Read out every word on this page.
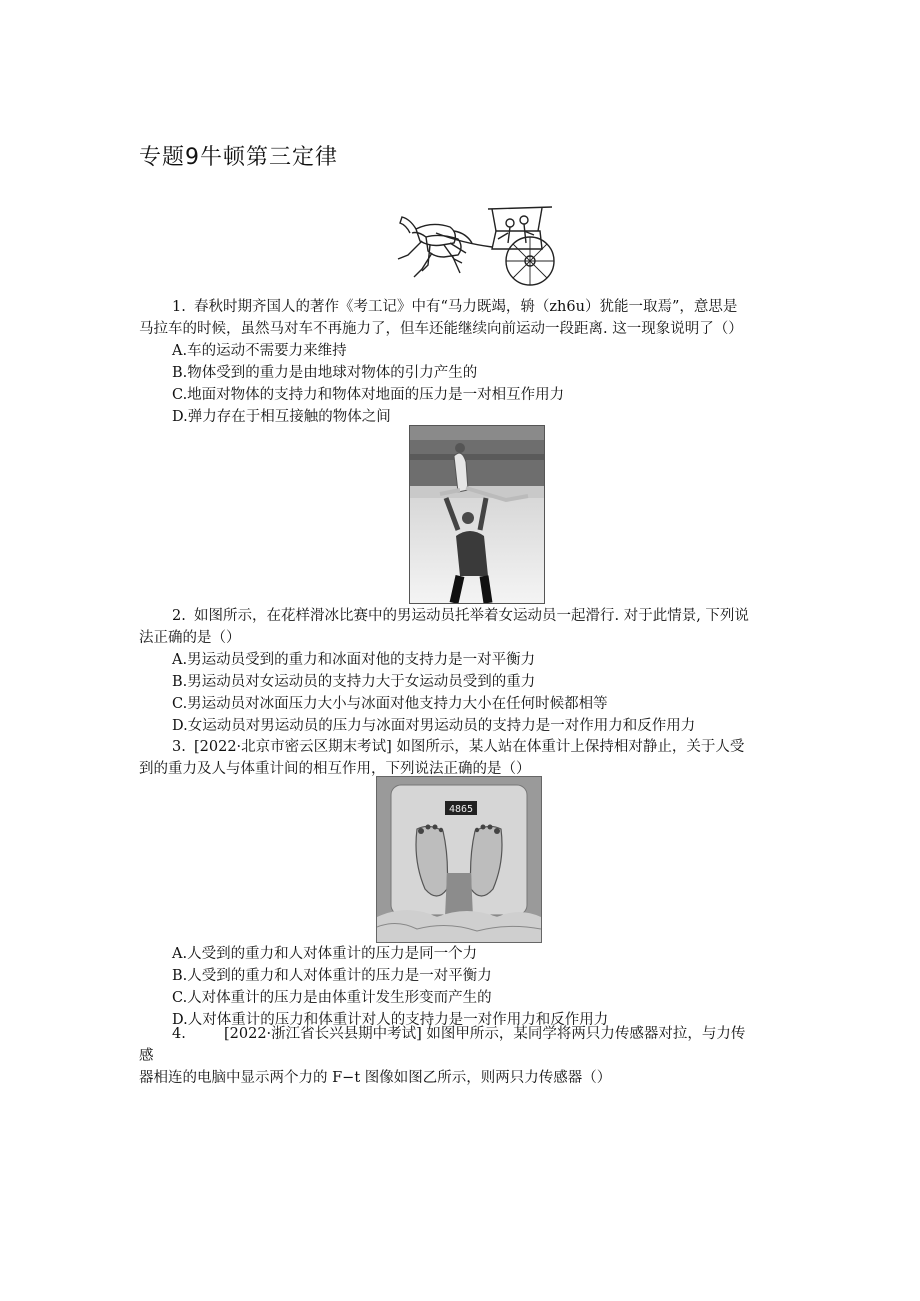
专题9牛顿第三定律
1. 春秋时期齐国人的著作《考工记》中有“马力既竭，辀（zh6u）犹能一取焉”，意思是
马拉车的时候，虽然马对车不再施力了，但车还能继续向前运动一段距离. 这一现象说明了（）
A.车的运动不需要力来维持
B.物体受到的重力是由地球对物体的引力产生的
C.地面对物体的支持力和物体对地面的压力是一对相互作用力
D.弹力存在于相互接触的物体之间
2. 如图所示，在花样滑冰比赛中的男运动员托举着女运动员一起滑行. 对于此情景, 下列说
法正确的是（）
A.男运动员受到的重力和冰面对他的支持力是一对平衡力
B.男运动员对女运动员的支持力大于女运动员受到的重力
C.男运动员对冰面压力大小与冰面对他支持力大小在任何时候都相等
D.女运动员对男运动员的压力与冰面对男运动员的支持力是一对作用力和反作用力
3. [2022·北京市密云区期末考试] 如图所示，某人站在体重计上保持相对静止，关于人受
到的重力及人与体重计间的相互作用，下列说法正确的是（）
4865
A.人受到的重力和人对体重计的压力是同一个力
B.人受到的重力和人对体重计的压力是一对平衡力
C.人对体重计的压力是由体重计发生形变而产生的
D.人对体重计的压力和体重计对人的支持力是一对作用力和反作用力
4.	[2022·浙江省长兴县期中考试] 如图甲所示，某同学将两只力传感器对拉，与力传
感
器相连的电脑中显示两个力的 F−t 图像如图乙所示，则两只力传感器（）
